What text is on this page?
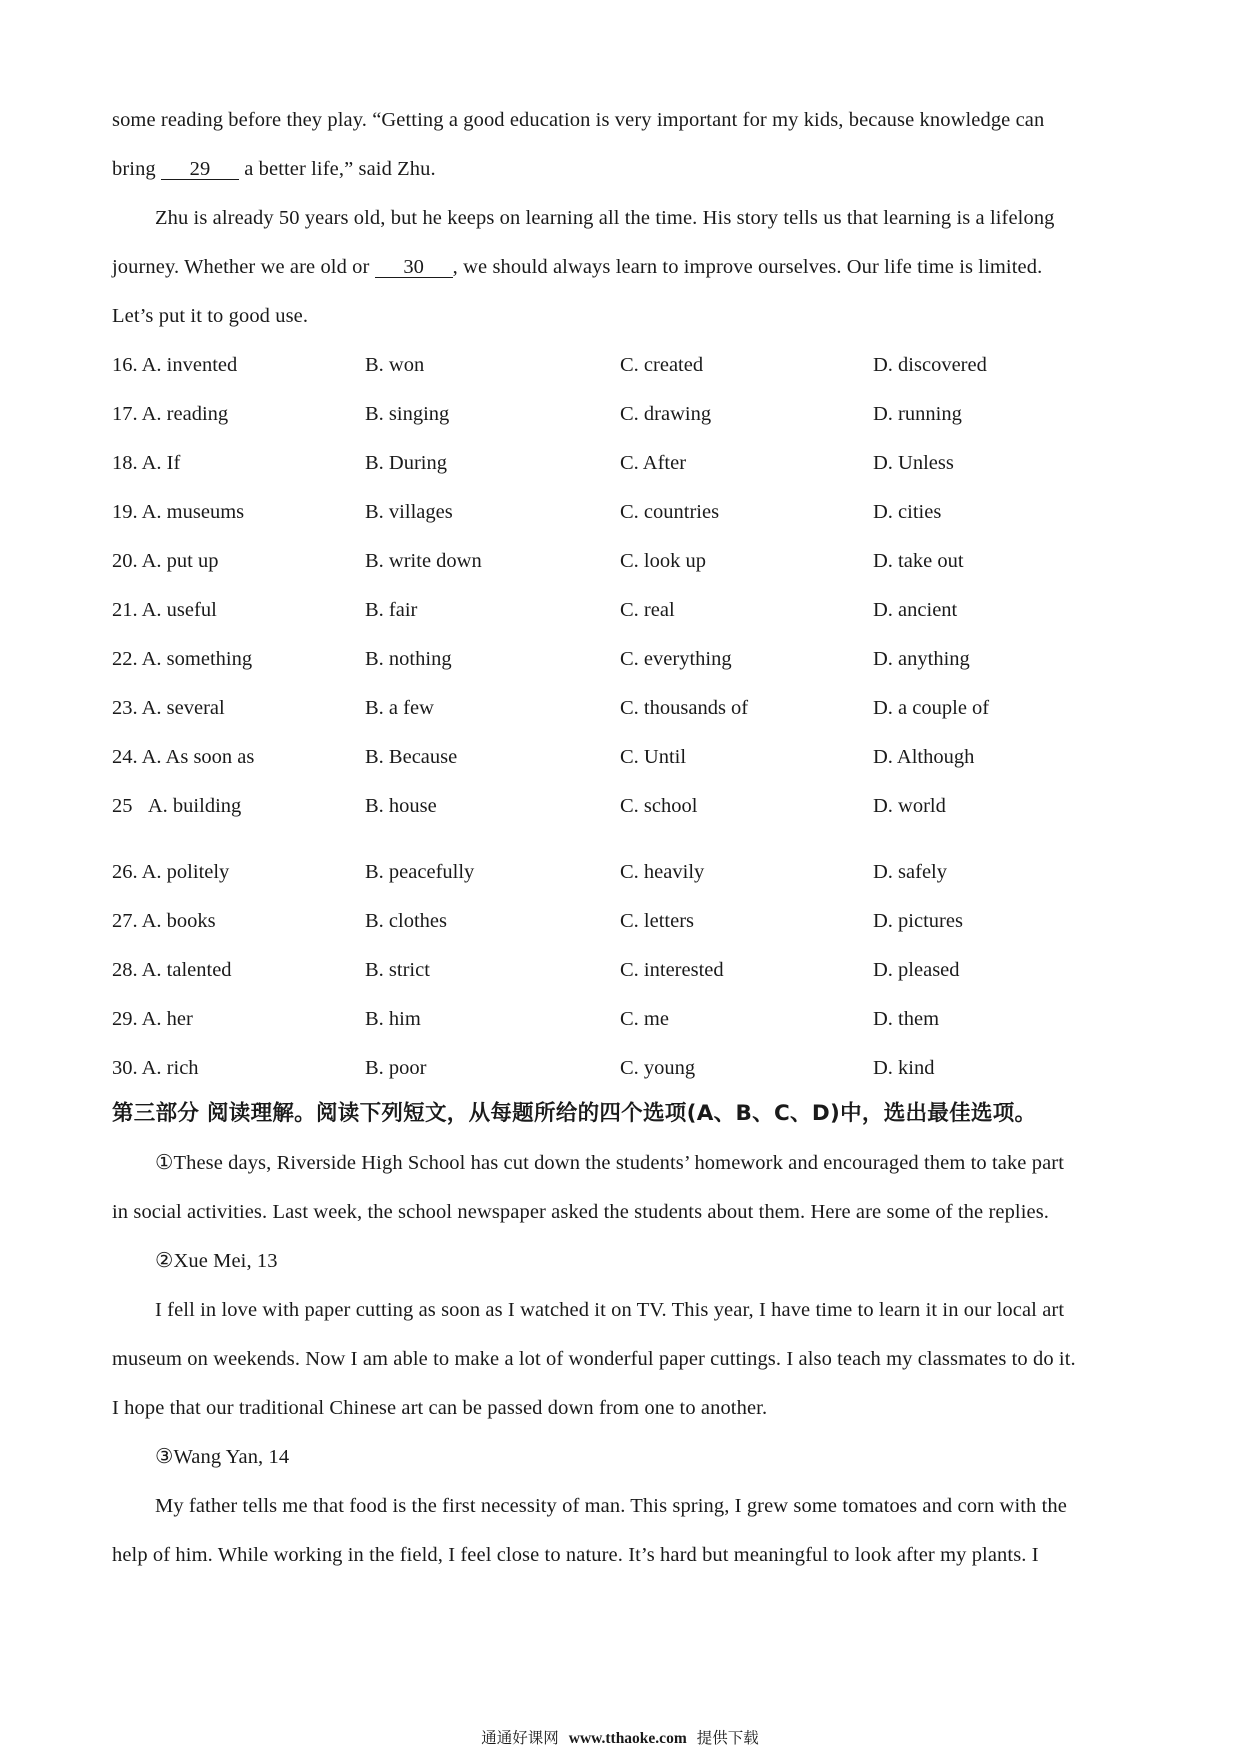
some reading before they play. “Getting a good education is very important for my kids, because knowledge can
bring 29 a better life,” said Zhu.
Zhu is already 50 years old, but he keeps on learning all the time. His story tells us that learning is a lifelong
journey. Whether we are old or 30 , we should always learn to improve ourselves. Our life time is limited.
Let’s put it to good use.
16. A. invented	B. won	C. created	D. discovered
17. A. reading	B. singing	C. drawing	D. running
18. A. If	B. During	C. After	D. Unless
19. A. museums	B. villages	C. countries	D. cities
20. A. put up	B. write down	C. look up	D. take out
21. A. useful	B. fair	C. real	D. ancient
22. A. something	B. nothing	C. everything	D. anything
23. A. several	B. a few	C. thousands of	D. a couple of
24. A. As soon as	B. Because	C. Until	D. Although
25   A. building	B. house	C. school	D. world
26. A. politely	B. peacefully	C. heavily	D. safely
27. A. books	B. clothes	C. letters	D. pictures
28. A. talented	B. strict	C. interested	D. pleased
29. A. her	B. him	C. me	D. them
30. A. rich	B. poor	C. young	D. kind
第三部分 阅读理解。阅读下列短文，从每题所给的四个选项(A、B、C、D)中，选出最佳选项。
①These days, Riverside High School has cut down the students’ homework and encouraged them to take part
in social activities. Last week, the school newspaper asked the students about them. Here are some of the replies.
②Xue Mei, 13
I fell in love with paper cutting as soon as I watched it on TV. This year, I have time to learn it in our local art
museum on weekends. Now I am able to make a lot of wonderful paper cuttings. I also teach my classmates to do it.
I hope that our traditional Chinese art can be passed down from one to another.
③Wang Yan, 14
My father tells me that food is the first necessity of man. This spring, I grew some tomatoes and corn with the
help of him. While working in the field, I feel close to nature. It’s hard but meaningful to look after my plants. I
通通好课网 www.tthaoke.com 提供下载
